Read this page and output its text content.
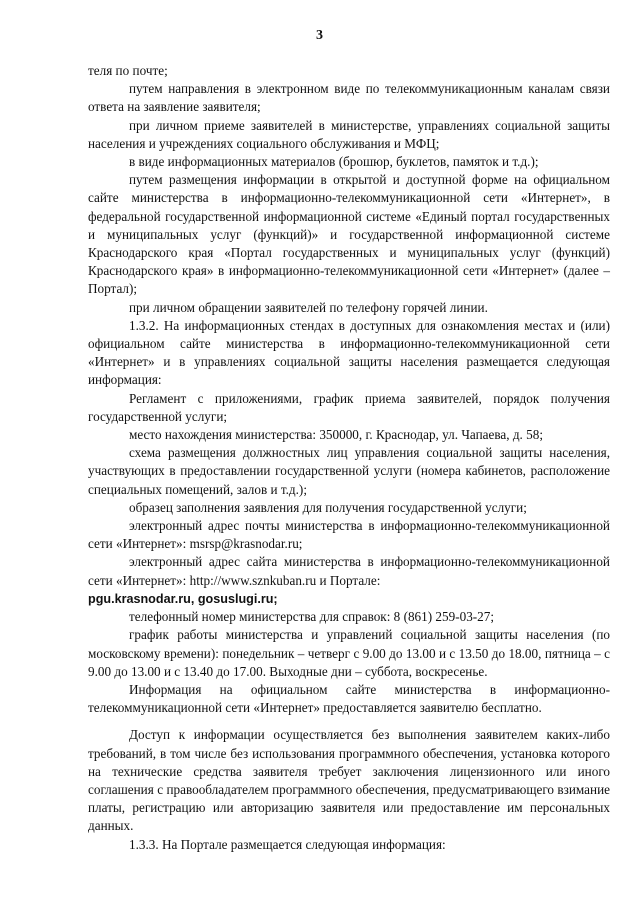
3

теля по почте;

путем направления в электронном виде по телекоммуникационным каналам связи ответа на заявление заявителя;

при личном приеме заявителей в министерстве, управлениях социальной защиты населения и учреждениях социального обслуживания и МФЦ;

в виде информационных материалов (брошюр, буклетов, памяток и т.д.);

путем размещения информации в открытой и доступной форме на официальном сайте министерства в информационно-телекоммуникационной сети «Интернет», в федеральной государственной информационной системе «Единый портал государственных и муниципальных услуг (функций)» и государственной информационной системе Краснодарского края «Портал государственных и муниципальных услуг (функций) Краснодарского края» в информационно-телекоммуникационной сети «Интернет» (далее – Портал);

при личном обращении заявителей по телефону горячей линии.

1.3.2. На информационных стендах в доступных для ознакомления местах и (или) официальном сайте министерства в информационно-телекоммуникационной сети «Интернет» и в управлениях социальной защиты населения размещается следующая информация:

Регламент с приложениями, график приема заявителей, порядок получения государственной услуги;

место нахождения министерства: 350000, г. Краснодар, ул. Чапаева, д. 58;

схема размещения должностных лиц управления социальной защиты населения, участвующих в предоставлении государственной услуги (номера кабинетов, расположение специальных помещений, залов и т.д.);

образец заполнения заявления для получения государственной услуги;

электронный адрес почты министерства в информационно-телекоммуникационной сети «Интернет»: msrsp@krasnodar.ru;

электронный адрес сайта министерства в информационно-телекоммуникационной сети «Интернет»: http://www.sznkuban.ru и Портале:

pgu.krasnodar.ru, gosuslugi.ru;

телефонный номер министерства для справок: 8 (861) 259-03-27;

график работы министерства и управлений социальной защиты населения (по московскому времени): понедельник – четверг с 9.00 до 13.00 и с 13.50 до 18.00, пятница – с 9.00 до 13.00 и с 13.40 до 17.00. Выходные дни – суббота, воскресенье.

Информация на официальном сайте министерства в информационно-телекоммуникационной сети «Интернет» предоставляется заявителю бесплатно.

Доступ к информации осуществляется без выполнения заявителем каких-либо требований, в том числе без использования программного обеспечения, установка которого на технические средства заявителя требует заключения лицензионного или иного соглашения с правообладателем программного обеспечения, предусматривающего взимание платы, регистрацию или авторизацию заявителя или предоставление им персональных данных.

1.3.3. На Портале размещается следующая информация:
